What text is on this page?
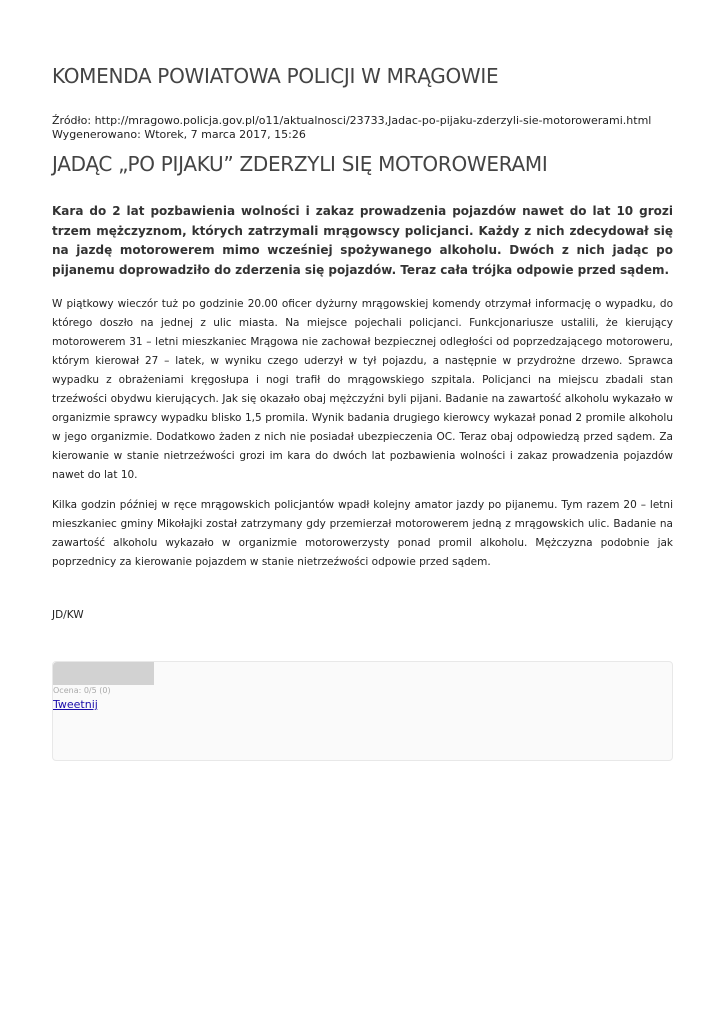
KOMENDA POWIATOWA POLICJI W MRĄGOWIE
Źródło: http://mragowo.policja.gov.pl/o11/aktualnosci/23733,Jadac-po-pijaku-zderzyli-sie-motorowerami.html
Wygenerowano: Wtorek, 7 marca 2017, 15:26
JADĄC „PO PIJAKU” ZDERZYLI SIĘ MOTOROWERAMI

Kara do 2 lat pozbawienia wolności i zakaz prowadzenia pojazdów nawet do lat 10 grozi trzem mężczyznom, których zatrzymali mrągowscy policjanci. Każdy z nich zdecydował się na jazdę motorowerem mimo wcześniej spożywanego alkoholu. Dwóch z nich jadąc po pijanemu doprowadziło do zderzenia się pojazdów. Teraz cała trójka odpowie przed sądem.

W piątkowy wieczór tuż po godzinie 20.00 oficer dyżurny mrągowskiej komendy otrzymał informację o wypadku, do którego doszło na jednej z ulic miasta. Na miejsce pojechali policjanci. Funkcjonariusze ustalili, że kierujący motorowerem 31 – letni mieszkaniec Mrągowa nie zachował bezpiecznej odległości od poprzedzającego motoroweru, którym kierował 27 – latek, w wyniku czego uderzył w tył pojazdu, a następnie w przydrożne drzewo. Sprawca wypadku z obrażeniami kręgosłupa i nogi trafił do mrągowskiego szpitala. Policjanci na miejscu zbadali stan trzeźwości obydwu kierujących. Jak się okazało obaj mężczyźni byli pijani. Badanie na zawartość alkoholu wykazało w organizmie sprawcy wypadku blisko 1,5 promila. Wynik badania drugiego kierowcy wykazał ponad 2 promile alkoholu w jego organizmie. Dodatkowo żaden z nich nie posiadał ubezpieczenia OC. Teraz obaj odpowiedzą przed sądem. Za kierowanie w stanie nietrzeźwości grozi im kara do dwóch lat pozbawienia wolności i zakaz prowadzenia pojazdów nawet do lat 10.

Kilka godzin później w ręce mrągowskich policjantów wpadł kolejny amator jazdy po pijanemu. Tym razem 20 – letni mieszkaniec gminy Mikołajki został zatrzymany gdy przemierzał motorowerem jedną z mrągowskich ulic. Badanie na zawartość alkoholu wykazało w organizmie motorowerzysty ponad promil alkoholu. Mężczyzna podobnie jak poprzednicy za kierowanie pojazdem w stanie nietrzeźwości odpowie przed sądem.

JD/KW
Ocena: 0/5 (0)
Tweetnij
